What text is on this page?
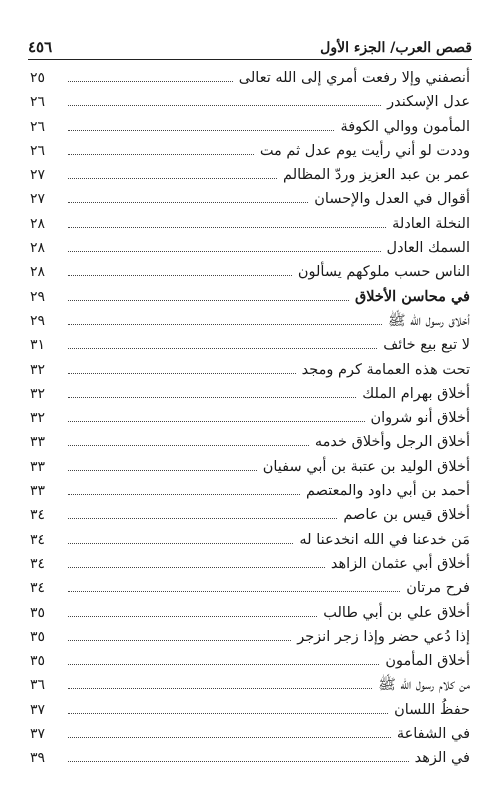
قصص العرب/ الجزء الأول
٤٥٦
أنصفني وإلا رفعت أمري إلى الله تعالى
٢٥
عدل الإسكندر
٢٦
المأمون ووالي الكوفة
٢٦
وددت لو أني رأيت يوم عدل ثم مت
٢٦
عمر بن عبد العزيز وردّ المظالم
٢٧
أقوال في العدل والإحسان
٢٧
النخلة العادلة
٢٨
السمك العادل
٢٨
الناس حسب ملوكهم يسألون
٢٨
في محاسن الأخلاق
٢٩
أخلاق رسول الله ﷺ
٢٩
لا تبع بيع خائف
٣١
تحت هذه العمامة كرم ومجد
٣٢
أخلاق بهرام الملك
٣٢
أخلاق أنو شروان
٣٢
أخلاق الرجل وأخلاق خدمه
٣٣
أخلاق الوليد بن عتبة بن أبي سفيان
٣٣
أحمد بن أبي داود والمعتصم
٣٣
أخلاق قيس بن عاصم
٣٤
مَن خدعنا في الله انخدعنا له
٣٤
أخلاق أبي عثمان الزاهد
٣٤
فرح مرتان
٣٤
أخلاق علي بن أبي طالب
٣٥
إذا دُعي حضر وإذا زجر انزجر
٣٥
أخلاق المأمون
٣٥
من كلام رسول الله ﷺ
٣٦
حفظُ اللسان
٣٧
في الشفاعة
٣٧
في الزهد
٣٩
